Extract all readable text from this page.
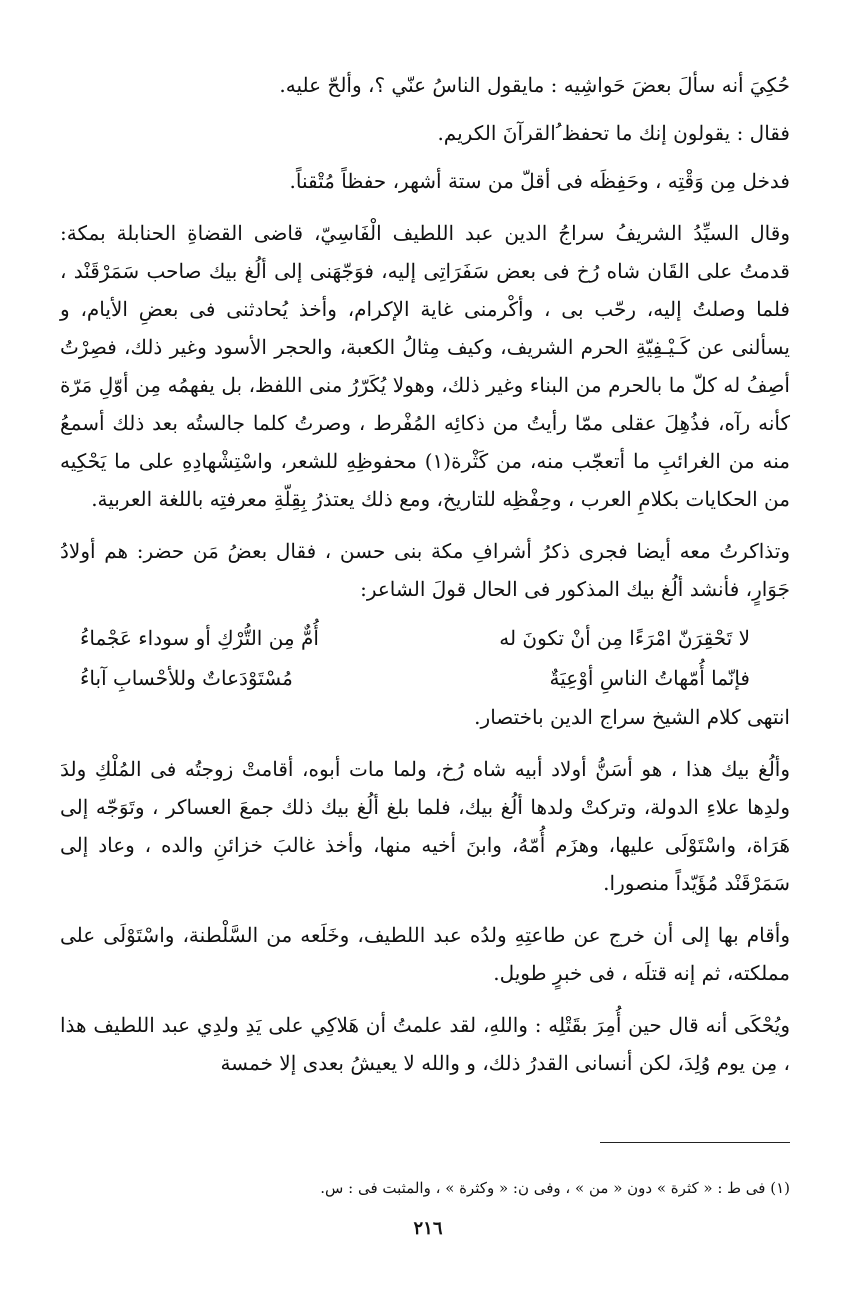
حُكِيَ أنه سألَ بعضَ حَواشِيه : مايقول الناسُ عنّي ؟، وألحّ عليه.

فقال : يقولون إنك ما تحفظ ُالقرآنَ الكريم.

فدخل مِن وَقْتِه ، وحَفِظَه فى أقلّ من ستة أشهر، حفظاً مُتْقناً.

وقال السيِّدُ الشريفُ سراجُ الدين عبد اللطيف الْفَاسِيّ، قاضى القضاةِ الحنابلة بمكة: قدمتُ على القَان شاه رُخ فى بعض سَفَرَاتِى إليه، فوَجّهَنى إلى ألُغ بيك صاحب سَمَرْقَنْد ، فلما وصلتُ إليه، رحّب بى ، وأكْرمنى غاية الإكرام، وأخذ يُحادثنى فى بعضِ الأيام، و يسألنى عن كَـيْـفِيّةِ الحرم الشريف، وكيف مِثالُ الكعبة، والحجر الأسود وغير ذلك، فصِرْتُ أصِفُ له كلّ ما بالحرم من البناء وغير ذلك، وهولا يُكَرّرُ منى اللفظ، بل يفهمُه مِن أوّلِ مَرّة كأنه رآه، فذُهِلَ عقلى ممّا رأيتُ من ذكائِه المُفْرط ، وصرتُ كلما جالستُه بعد ذلك أسمعُ منه من الغرائبِ ما أتعجّب منه، من كَثْرة(١) محفوظِهِ للشعر، واسْتِشْهادِهِ على ما يَحْكِيه من الحكايات بكلامِ العرب ، وحِفْظِه للتاريخ، ومع ذلك يعتذرُ بِقِلّةِ معرفتِه باللغة العربية.

وتذاكرتُ معه أيضا فجرى ذكرُ أشرافِ مكة بنى حسن ، فقال بعضُ مَن حضر: هم أولادُ جَوَارٍ، فأنشد ألُغ بيك المذكور فى الحال قولَ الشاعر:

لا تَحْقِرَنّ امْرَءًا مِن أنْ تكونَ له
أُمٌّ مِن التُّرْكِ أو سوداء عَجْماءُ
فإنّما أُمّهاتُ الناسِ أوْعِيَةٌ
مُسْتَوْدَعاتٌ وللأحْسابِ آباءُ

انتهى كلام الشيخ سراج الدين باختصار.

وألُغ بيك هذا ، هو أسَنُّ أولاد أبيه شاه رُخ، ولما مات أبوه، أقامتْ زوجتُه فى المُلْكِ ولدَ ولدِها علاءِ الدولة، وتركتْ ولدها ألُغ بيك، فلما بلغ ألُغ بيك ذلك جمعَ العساكر ، وتَوَجّه إلى هَرَاة، واسْتَوْلَى عليها، وهزَم أُمّهُ، وابنَ أخيه منها، وأخذ غالبَ خزائنِ والده ، وعاد إلى سَمَرْقَنْد مُؤَيّداً منصورا.

وأقام بها إلى أن خرج عن طاعتِهِ ولدُه عبد اللطيف، وخَلَعه من السَّلْطنة، واسْتَوْلَى على مملكته، ثم إنه قتلَه ، فى خبرٍ طويل.

ويُحْكَى أنه قال حين أُمِرَ بقَتْلِه : واللهِ، لقد علمتُ أن هَلاكِي على يَدِ ولدِي عبد اللطيف هذا ، مِن يوم وُلِدَ، لكن أنسانى القدرُ ذلك، و والله لا يعيشُ بعدى إلا خمسة

(١) فى ط : « كثرة » دون « من » ، وفى ن: « وكثرة » ، والمثبت فى : س.

٢١٦
